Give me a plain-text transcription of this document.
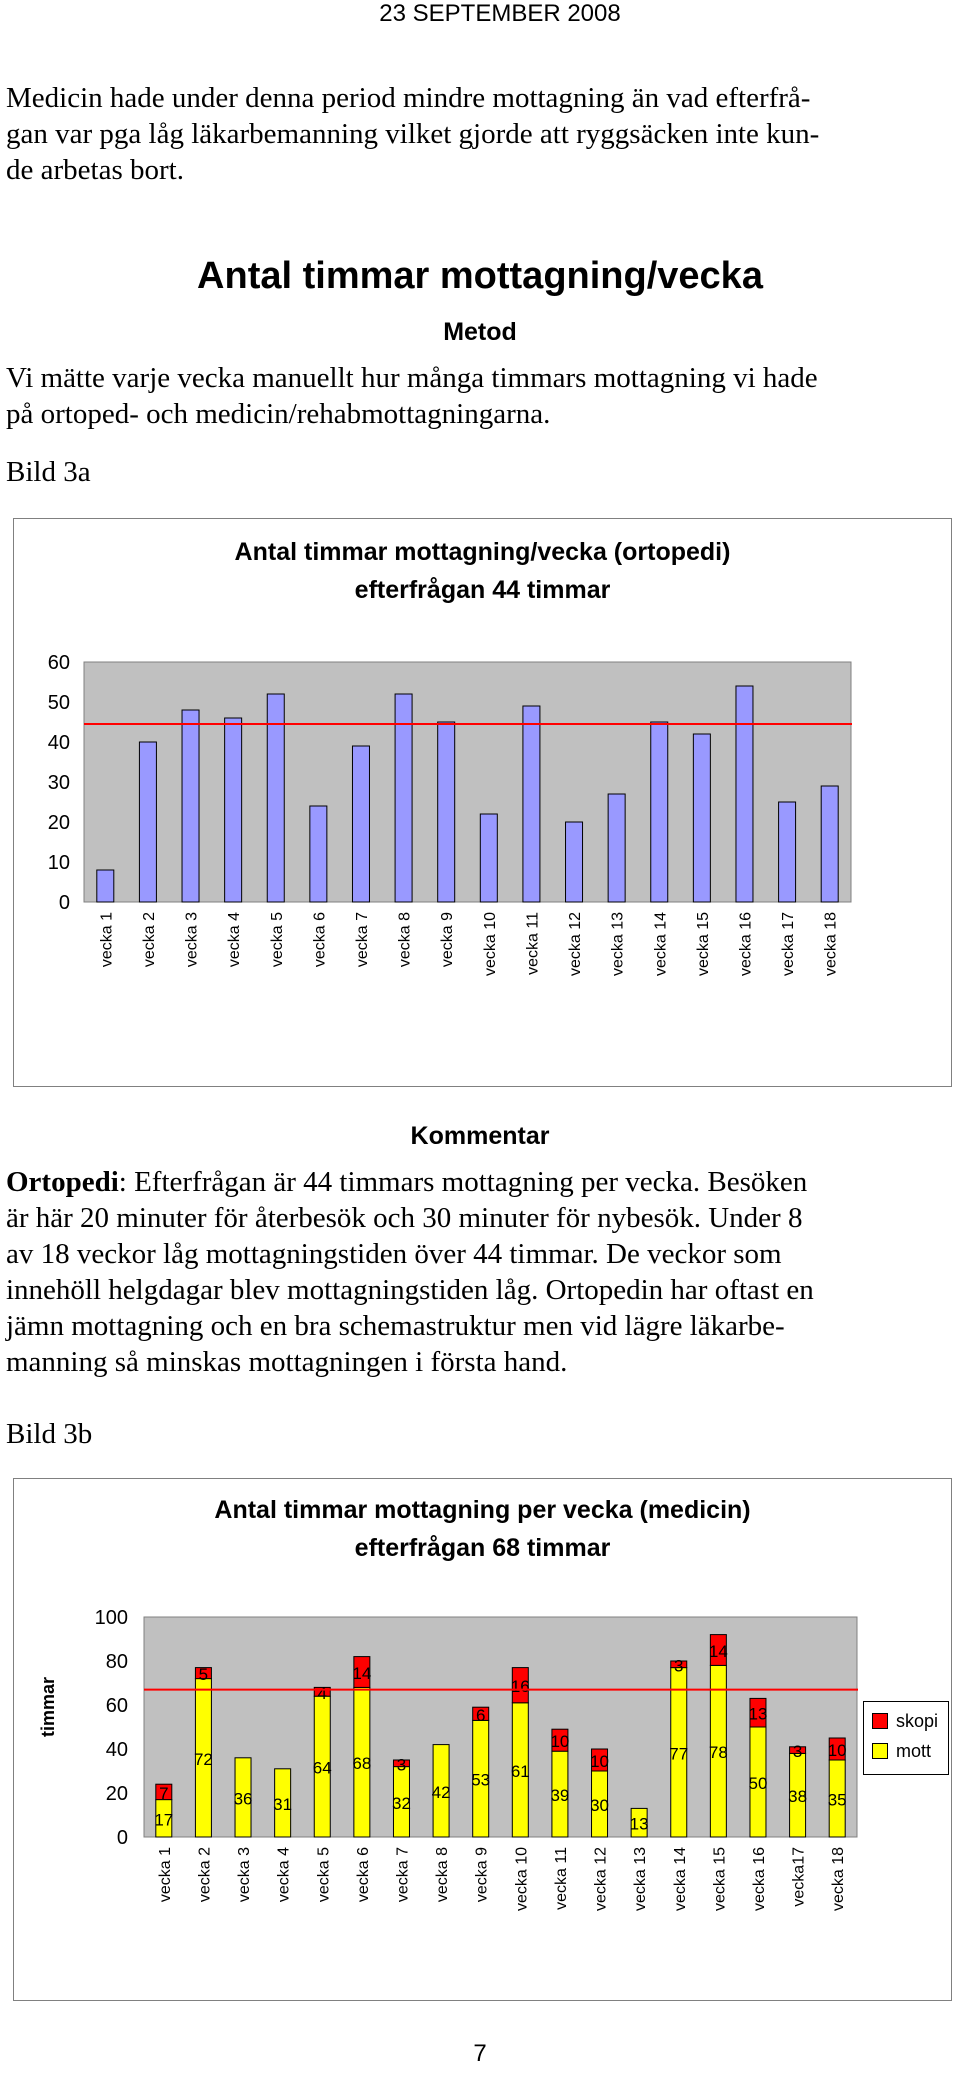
23 SEPTEMBER 2008
Medicin hade under denna period mindre mottagning än vad efterfrå-
gan var pga låg läkarbemanning vilket gjorde att ryggsäcken inte kun-
de arbetas bort.
Antal timmar mottagning/vecka
Metod
Vi mätte varje vecka manuellt hur många timmars mottagning vi hade
på ortoped- och medicin/rehabmottagningarna.
Bild 3a
Antal timmar mottagning/vecka (ortopedi)
efterfrågan 44 timmar
0
10
20
30
40
50
60
vecka 1 vecka 2 vecka 3 vecka 4 vecka 5 vecka 6 vecka 7 vecka 8 vecka 9 vecka 10 vecka 11 vecka 12 vecka 13 vecka 14 vecka 15 vecka 16 vecka 17 vecka 18
Kommentar
Ortopedi: Efterfrågan är 44 timmars mottagning per vecka. Besöken
är här 20 minuter för återbesök och 30 minuter för nybesök. Under 8
av 18 veckor låg mottagningstiden över 44 timmar. De veckor som
innehöll helgdagar blev mottagningstiden låg. Ortopedin har oftast en
jämn mottagning och en bra schemastruktur men vid lägre läkarbe-
manning så minskas mottagningen i första hand.
Bild 3b
Antal timmar mottagning per vecka (medicin)
efterfrågan 68 timmar
0
20
40
60
80
100
timmar
17
7
vecka 1
72
5
vecka 2
36
vecka 3
31
vecka 4
64
4
vecka 5
68
14
vecka 6
32
3
vecka 7
42
vecka 8
53
6
vecka 9
61
16
vecka 10
39
10
vecka 11
30
10
vecka 12
13
vecka 13
77
3
vecka 14
78
14
vecka 15
50
13
vecka 16
38
3
vecka17
35
10
vecka 18
skopi
mott
7
